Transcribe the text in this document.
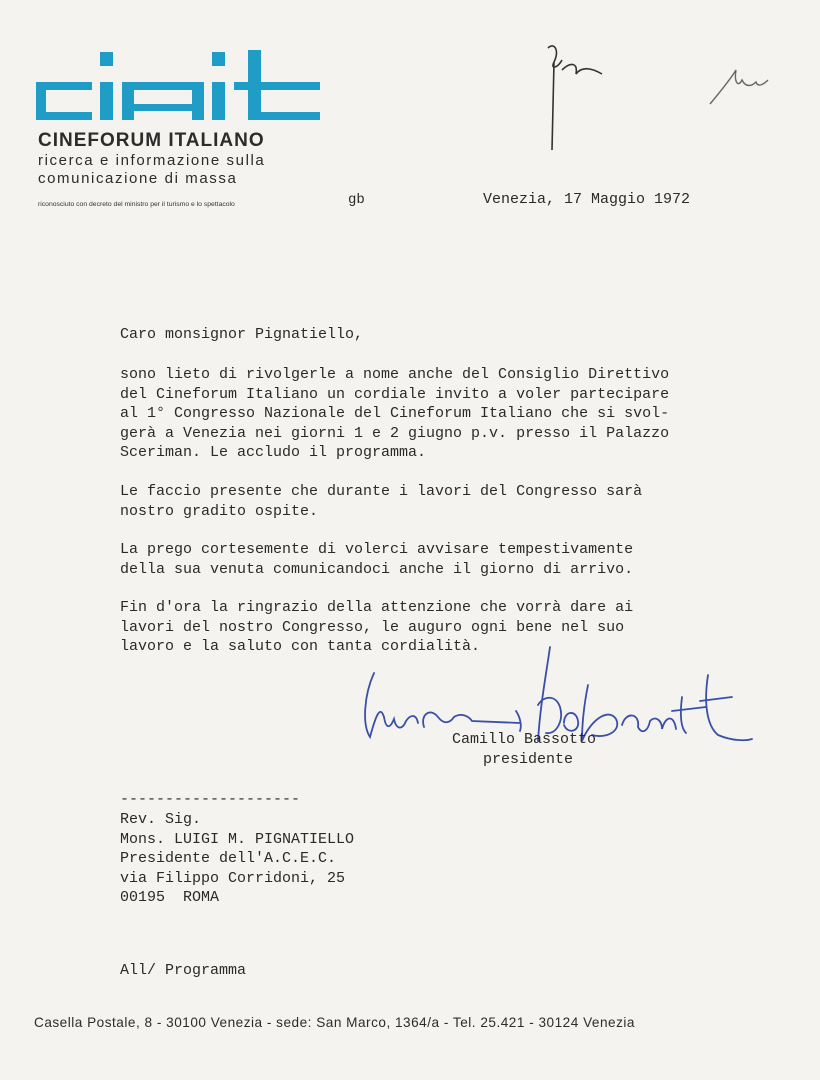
CINEFORUM ITALIANO
ricerca e informazione sulla
comunicazione di massa
riconosciuto con decreto del ministro per il turismo e lo spettacolo	gb	Venezia, 17 Maggio 1972
Caro monsignor Pignatiello,
sono lieto di rivolgerle a nome anche del Consiglio Direttivo
del Cineforum Italiano un cordiale invito a voler partecipare
al 1° Congresso Nazionale del Cineforum Italiano che si svol-
gerà a Venezia nei giorni 1 e 2 giugno p.v. presso il Palazzo
Sceriman. Le accludo il programma.
Le faccio presente che durante i lavori del Congresso sarà
nostro gradito ospite.
La prego cortesemente di volerci avvisare tempestivamente
della sua venuta comunicandoci anche il giorno di arrivo.
Fin d'ora la ringrazio della attenzione che vorrà dare ai
lavori del nostro Congresso, le auguro ogni bene nel suo
lavoro e la saluto con tanta cordialità.
Camillo Bassotto
presidente
--------------------
Rev. Sig.
Mons. LUIGI M. PIGNATIELLO
Presidente dell'A.C.E.C.
via Filippo Corridoni, 25
00195  ROMA
All/ Programma
Casella Postale, 8 - 30100 Venezia - sede: San Marco, 1364/a - Tel. 25.421 - 30124 Venezia
